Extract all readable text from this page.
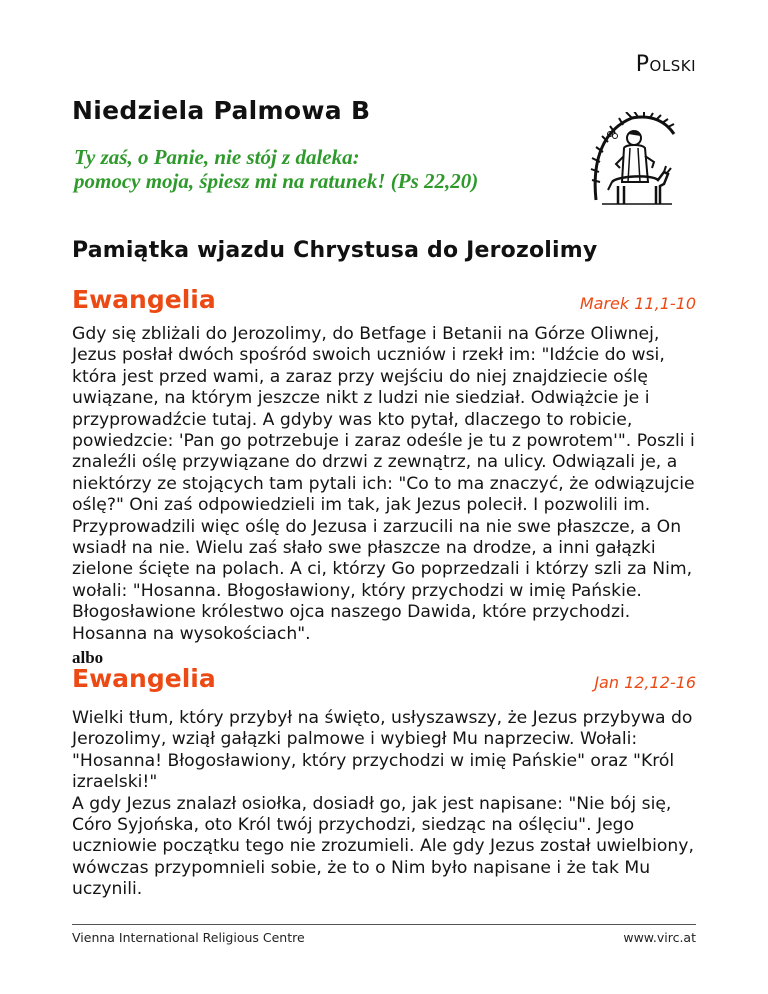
Polski
Niedziela Palmowa B
Ty zaś, o Panie, nie stój z daleka:
pomocy moja, śpiesz mi na ratunek! (Ps 22,20)
Pamiątka wjazdu Chrystusa do Jerozolimy
Ewangelia	Marek 11,1-10

Gdy się zbliżali do Jerozolimy, do Betfage i Betanii na Górze Oliwnej, Jezus posłał dwóch spośród swoich uczniów i rzekł im: "Idźcie do wsi, która jest przed wami, a zaraz przy wejściu do niej znajdziecie oślę uwiązane, na którym jeszcze nikt z ludzi nie siedział. Odwiążcie je i przyprowadźcie tutaj. A gdyby was kto pytał, dlaczego to robicie, powiedzcie: 'Pan go potrzebuje i zaraz odeśle je tu z powrotem'". Poszli i znaleźli oślę przywiązane do drzwi z zewnątrz, na ulicy. Odwiązali je, a niektórzy ze stojących tam pytali ich: "Co to ma znaczyć, że odwiązujcie oślę?" Oni zaś odpowiedzieli im tak, jak Jezus polecił. I pozwolili im. Przyprowadzili więc oślę do Jezusa i zarzucili na nie swe płaszcze, a On wsiadł na nie. Wielu zaś słało swe płaszcze na drodze, a inni gałązki zielone ścięte na polach. A ci, którzy Go poprzedzali i którzy szli za Nim, wołali: "Hosanna. Błogosławiony, który przychodzi w imię Pańskie. Błogosławione królestwo ojca naszego Dawida, które przychodzi. Hosanna na wysokościach".

albo
Ewangelia	Jan 12,12-16

Wielki tłum, który przybył na święto, usłyszawszy, że Jezus przybywa do Jerozolimy, wziął gałązki palmowe i wybiegł Mu naprzeciw. Wołali: "Hosanna! Błogosławiony, który przychodzi w imię Pańskie" oraz "Król izraelski!"

A gdy Jezus znalazł osiołka, dosiadł go, jak jest napisane: "Nie bój się, Córo Syjońska, oto Król twój przychodzi, siedząc na oślęciu". Jego uczniowie początku tego nie zrozumieli. Ale gdy Jezus został uwielbiony, wówczas przypomnieli sobie, że to o Nim było napisane i że tak Mu uczynili.

Vienna International Religious Centre	www.virc.at
